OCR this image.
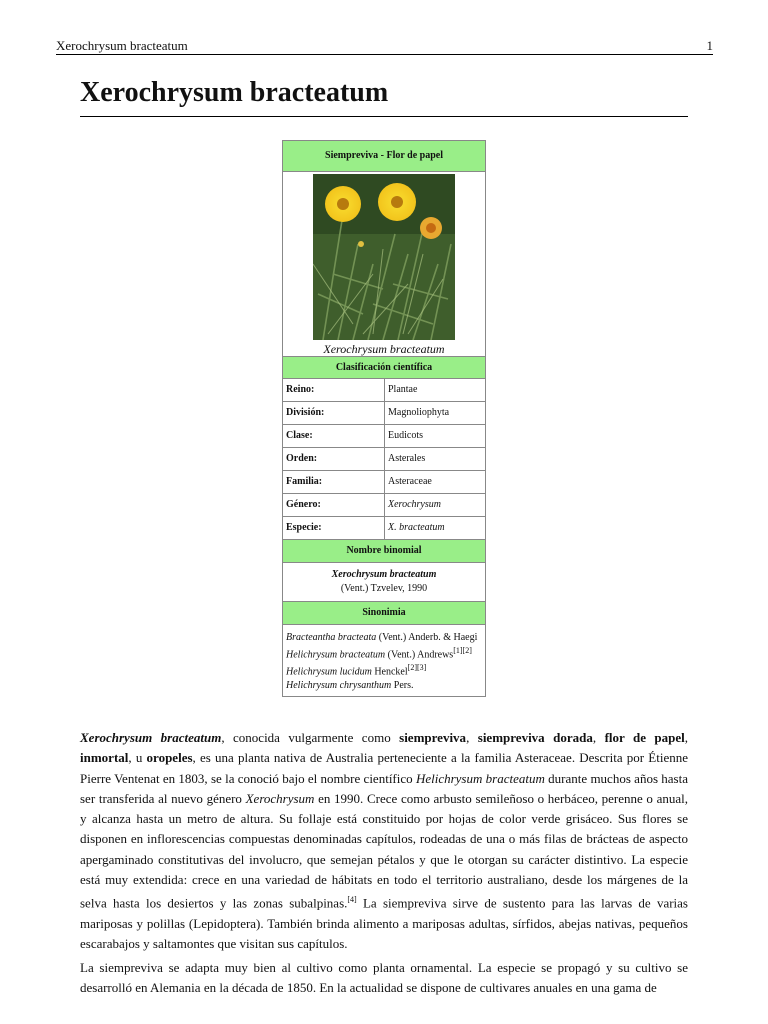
Xerochrysum bracteatum	1
Xerochrysum bracteatum
Siempreviva - Flor de papel	

Xerochrysum bracteatum	

Clasificación científica	
Reino:	Plantae
División:	Magnoliophyta
Clase:	Eudicots
Orden:	Asterales
Familia:	Asteraceae
Género:	Xerochrysum
Especie:	X. bracteatum
Nombre binomial	

Xerochrysum bracteatum
(Vent.) Tzvelev, 1990	

Sinonimia	

Bracteantha bracteata (Vent.) Anderb. & Haegi
Helichrysum bracteatum (Vent.) Andrews[1][2]
Helichrysum lucidum Henckel[2][3]
Helichrysum chrysanthum Pers.	

Xerochrysum bracteatum, conocida vulgarmente como siempreviva, siempreviva dorada, flor de papel, inmortal, u oropeles, es una planta nativa de Australia perteneciente a la familia Asteraceae. Descrita por Étienne Pierre Ventenat en 1803, se la conoció bajo el nombre científico Helichrysum bracteatum durante muchos años hasta ser transferida al nuevo género Xerochrysum en 1990. Crece como arbusto semileñoso o herbáceo, perenne o anual, y alcanza hasta un metro de altura. Su follaje está constituido por hojas de color verde grisáceo. Sus flores se disponen en inflorescencias compuestas denominadas capítulos, rodeadas de una o más filas de brácteas de aspecto apergaminado constitutivas del involucro, que semejan pétalos y que le otorgan su carácter distintivo. La especie está muy extendida: crece en una variedad de hábitats en todo el territorio australiano, desde los márgenes de la selva hasta los desiertos y las zonas subalpinas.[4] La siempreviva sirve de sustento para las larvas de varias mariposas y polillas (Lepidoptera). También brinda alimento a mariposas adultas, sírfidos, abejas nativas, pequeños escarabajos y saltamontes que visitan sus capítulos.

La siempreviva se adapta muy bien al cultivo como planta ornamental. La especie se propagó y su cultivo se desarrolló en Alemania en la década de 1850. En la actualidad se dispone de cultivares anuales en una gama de
